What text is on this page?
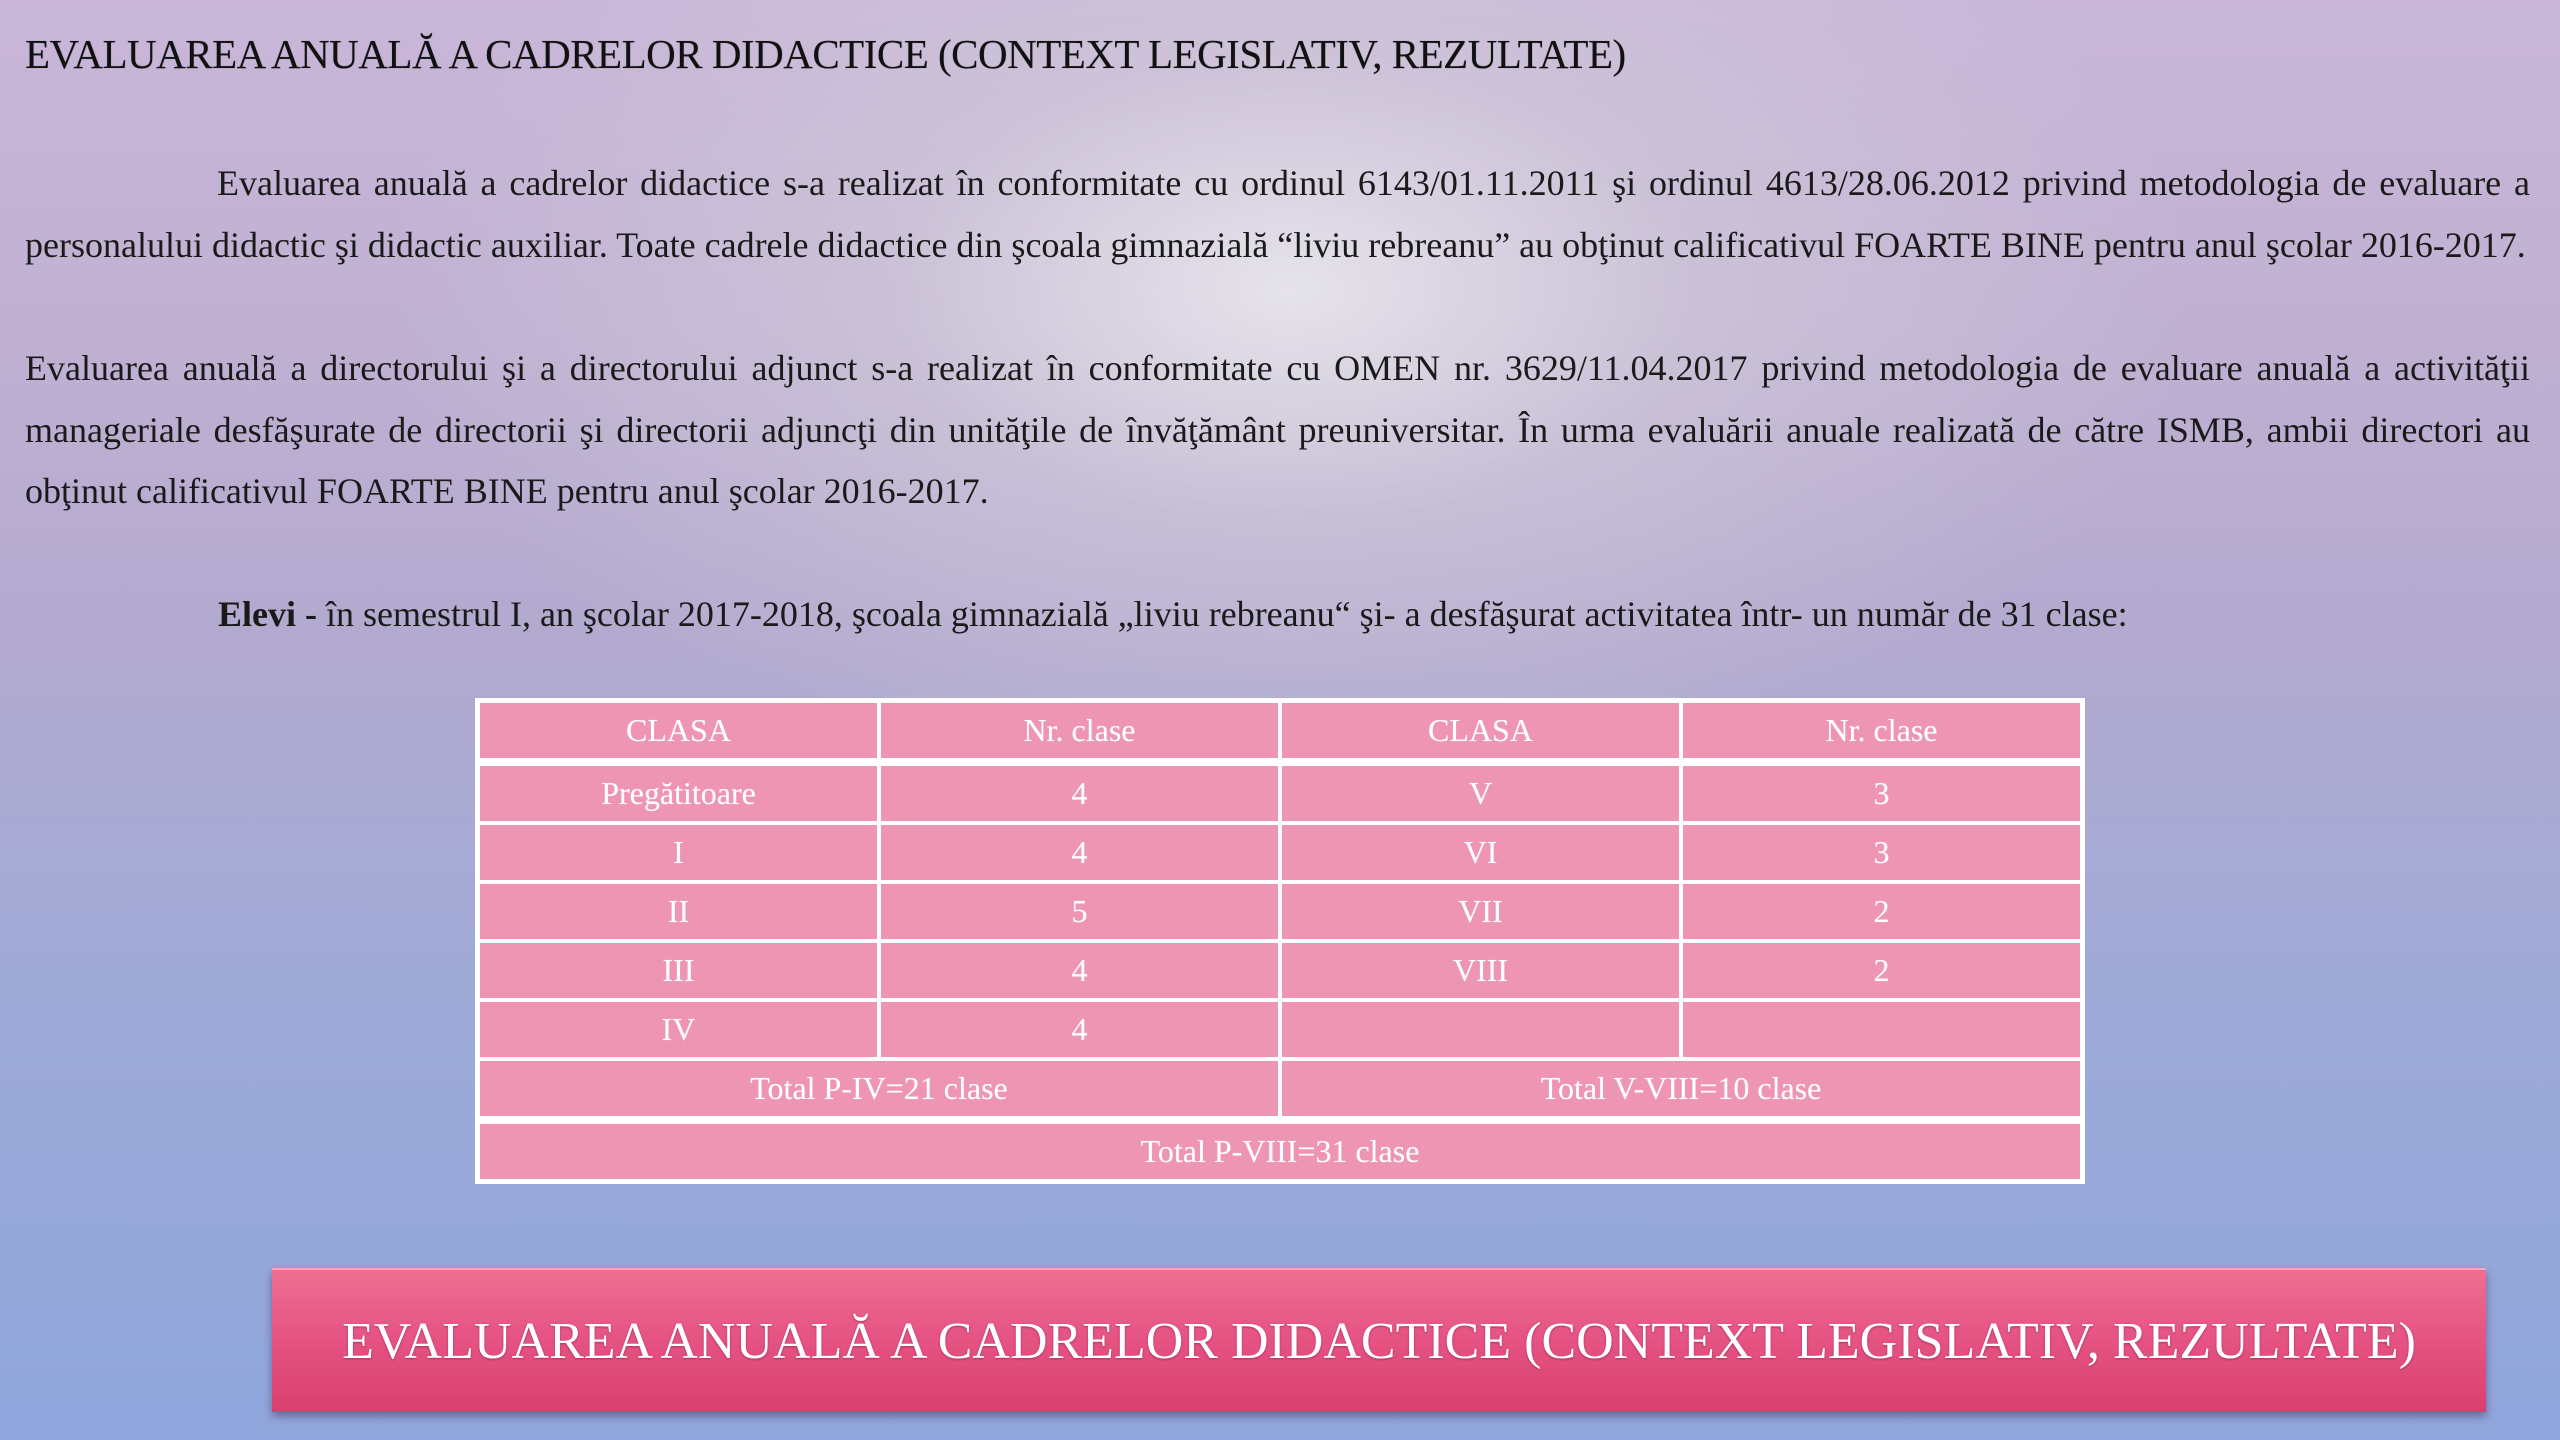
EVALUAREA ANUALĂ A CADRELOR DIDACTICE (CONTEXT LEGISLATIV, REZULTATE)

Evaluarea anuală a cadrelor didactice s-a realizat în conformitate cu ordinul 6143/01.11.2011 şi ordinul 4613/28.06.2012 privind metodologia de evaluare a personalului didactic şi didactic auxiliar. Toate cadrele didactice din şcoala gimnazială “liviu rebreanu” au obţinut calificativul FOARTE BINE pentru anul şcolar 2016-2017.

Evaluarea anuală a directorului şi a directorului adjunct s-a realizat în conformitate cu OMEN nr. 3629/11.04.2017 privind metodologia de evaluare anuală a activităţii manageriale desfăşurate de directorii şi directorii adjuncţi din unităţile de învăţământ preuniversitar. În urma evaluării anuale realizată de către ISMB, ambii directori au obţinut calificativul FOARTE BINE pentru anul şcolar 2016-2017.

Elevi - în semestrul I, an şcolar 2017-2018, şcoala gimnazială „liviu rebreanu“ şi- a desfăşurat activitatea într- un număr de 31 clase:
CLASA	Nr. clase	CLASA	Nr. clase
Pregătitoare	4	V	3
I	4	VI	3
II	5	VII	2
III	4	VIII	2
IV	4		
Total P-IV=21 clase		Total V-VIII=10 clase	
Total P-VIII=31 clase			
EVALUAREA ANUALĂ A CADRELOR DIDACTICE (CONTEXT LEGISLATIV, REZULTATE)
